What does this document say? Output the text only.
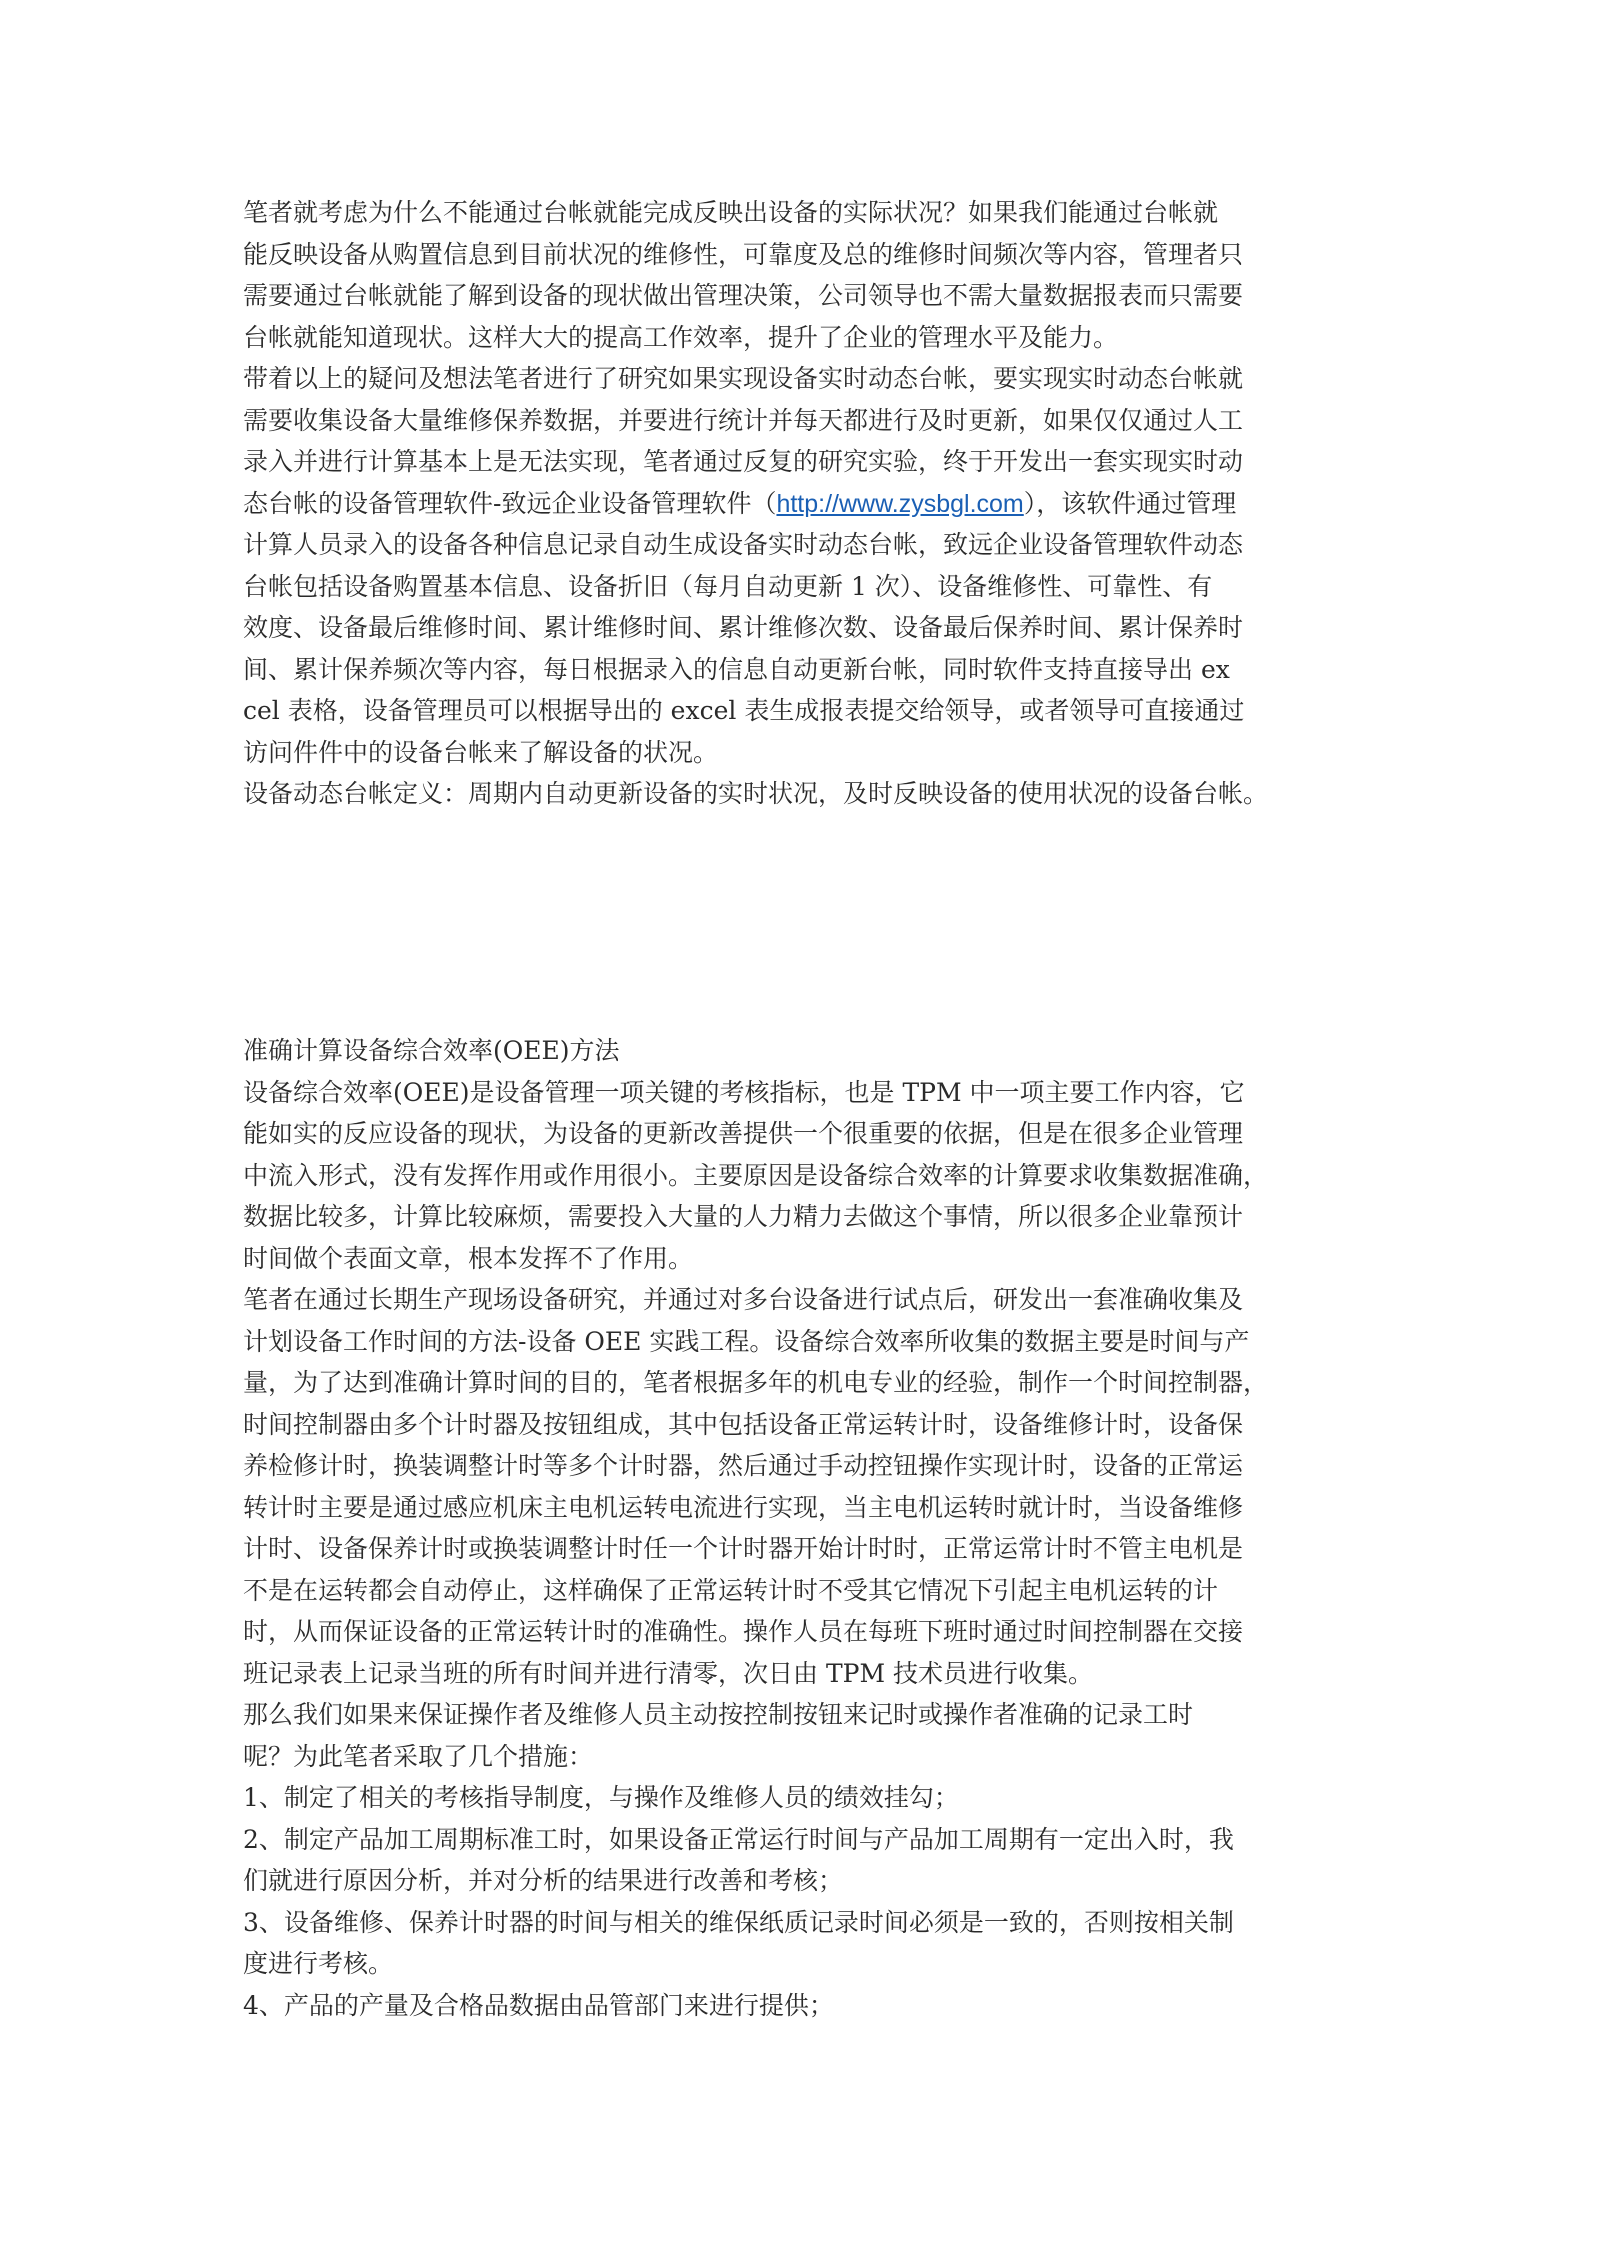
笔者就考虑为什么不能通过台帐就能完成反映出设备的实际状况？如果我们能通过台帐就

能反映设备从购置信息到目前状况的维修性，可靠度及总的维修时间频次等内容，管理者只

需要通过台帐就能了解到设备的现状做出管理决策，公司领导也不需大量数据报表而只需要

台帐就能知道现状。这样大大的提高工作效率，提升了企业的管理水平及能力。

带着以上的疑问及想法笔者进行了研究如果实现设备实时动态台帐，要实现实时动态台帐就

需要收集设备大量维修保养数据，并要进行统计并每天都进行及时更新，如果仅仅通过人工

录入并进行计算基本上是无法实现，笔者通过反复的研究实验，终于开发出一套实现实时动

态台帐的设备管理软件-致远企业设备管理软件（http://www.zysbgl.com），该软件通过管理

计算人员录入的设备各种信息记录自动生成设备实时动态台帐，致远企业设备管理软件动态

台帐包括设备购置基本信息、设备折旧（每月自动更新 1 次）、设备维修性、可靠性、有

效度、设备最后维修时间、累计维修时间、累计维修次数、设备最后保养时间、累计保养时

间、累计保养频次等内容，每日根据录入的信息自动更新台帐，同时软件支持直接导出 ex

cel 表格，设备管理员可以根据导出的 excel 表生成报表提交给领导，或者领导可直接通过

访问件件中的设备台帐来了解设备的状况。

设备动态台帐定义：周期内自动更新设备的实时状况，及时反映设备的使用状况的设备台帐。

准确计算设备综合效率(OEE)方法

设备综合效率(OEE)是设备管理一项关键的考核指标，也是 TPM 中一项主要工作内容，它

能如实的反应设备的现状，为设备的更新改善提供一个很重要的依据，但是在很多企业管理

中流入形式，没有发挥作用或作用很小。主要原因是设备综合效率的计算要求收集数据准确，

数据比较多，计算比较麻烦，需要投入大量的人力精力去做这个事情，所以很多企业靠预计

时间做个表面文章，根本发挥不了作用。

笔者在通过长期生产现场设备研究，并通过对多台设备进行试点后，研发出一套准确收集及

计划设备工作时间的方法-设备 OEE 实践工程。设备综合效率所收集的数据主要是时间与产

量，为了达到准确计算时间的目的，笔者根据多年的机电专业的经验，制作一个时间控制器，

时间控制器由多个计时器及按钮组成，其中包括设备正常运转计时，设备维修计时，设备保

养检修计时，换装调整计时等多个计时器，然后通过手动控钮操作实现计时，设备的正常运

转计时主要是通过感应机床主电机运转电流进行实现，当主电机运转时就计时，当设备维修

计时、设备保养计时或换装调整计时任一个计时器开始计时时，正常运常计时不管主电机是

不是在运转都会自动停止，这样确保了正常运转计时不受其它情况下引起主电机运转的计

时，从而保证设备的正常运转计时的准确性。操作人员在每班下班时通过时间控制器在交接

班记录表上记录当班的所有时间并进行清零，次日由 TPM 技术员进行收集。

那么我们如果来保证操作者及维修人员主动按控制按钮来记时或操作者准确的记录工时

呢？为此笔者采取了几个措施：

1、制定了相关的考核指导制度，与操作及维修人员的绩效挂勾；

2、制定产品加工周期标准工时，如果设备正常运行时间与产品加工周期有一定出入时，我

们就进行原因分析，并对分析的结果进行改善和考核；

3、设备维修、保养计时器的时间与相关的维保纸质记录时间必须是一致的，否则按相关制

度进行考核。

4、产品的产量及合格品数据由品管部门来进行提供；
